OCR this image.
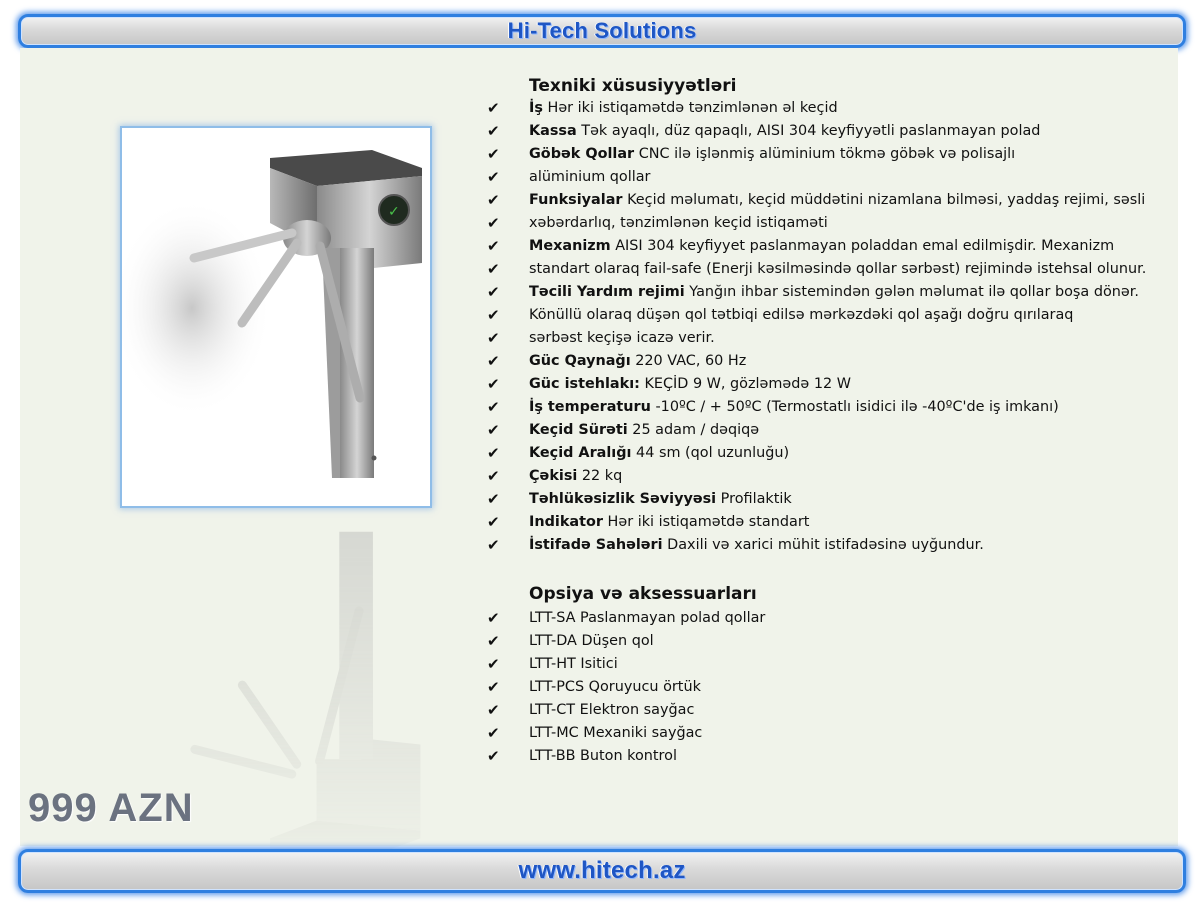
Hi-Tech Solutions
✓
999 AZN
Texniki xüsusiyyətləri
✔ İş Hər iki istiqamətdə tənzimlənən əl keçid
✔ Kassa Tək ayaqlı, düz qapaqlı, AISI 304 keyfiyyətli paslanmayan polad
✔ Göbək Qollar CNC ilə işlənmiş alüminium tökmə göbək və polisajlı
✔ alüminium qollar
✔ Funksiyalar Keçid məlumatı, keçid müddətini nizamlana bilməsi, yaddaş rejimi, səsli
✔ xəbərdarlıq, tənzimlənən keçid istiqaməti
✔ Mexanizm AISI 304 keyfiyyet paslanmayan poladdan emal edilmişdir. Mexanizm
✔ standart olaraq fail-safe (Enerji kəsilməsində qollar sərbəst) rejimində istehsal olunur.
✔ Təcili Yardım rejimi Yanğın ihbar sistemindən gələn məlumat ilə qollar boşa dönər.
✔ Könüllü olaraq düşən qol tətbiqi edilsə mərkəzdəki qol aşağı doğru qırılaraq
✔ sərbəst keçişə icazə verir.
✔ Güc Qaynağı 220 VAC, 60 Hz
✔ Güc istehlakı: KEÇİD 9 W, gözləmədə 12 W
✔ İş temperaturu -10ºC / + 50ºC (Termostatlı isidici ilə -40ºC'de iş imkanı)
✔ Keçid Sürəti 25 adam / dəqiqə
✔ Keçid Aralığı 44 sm (qol uzunluğu)
✔ Çəkisi 22 kq
✔ Təhlükəsizlik Səviyyəsi Profilaktik
✔ Indikator Hər iki istiqamətdə standart
✔ İstifadə Sahələri Daxili və xarici mühit istifadəsinə uyğundur.
Opsiya və aksessuarları
✔ LTT-SA Paslanmayan polad qollar
✔ LTT-DA Düşen qol
✔ LTT-HT Isitici
✔ LTT-PCS Qoruyucu örtük
✔ LTT-CT Elektron sayğac
✔ LTT-MC Mexaniki sayğac
✔ LTT-BB Buton kontrol
www.hitech.az
